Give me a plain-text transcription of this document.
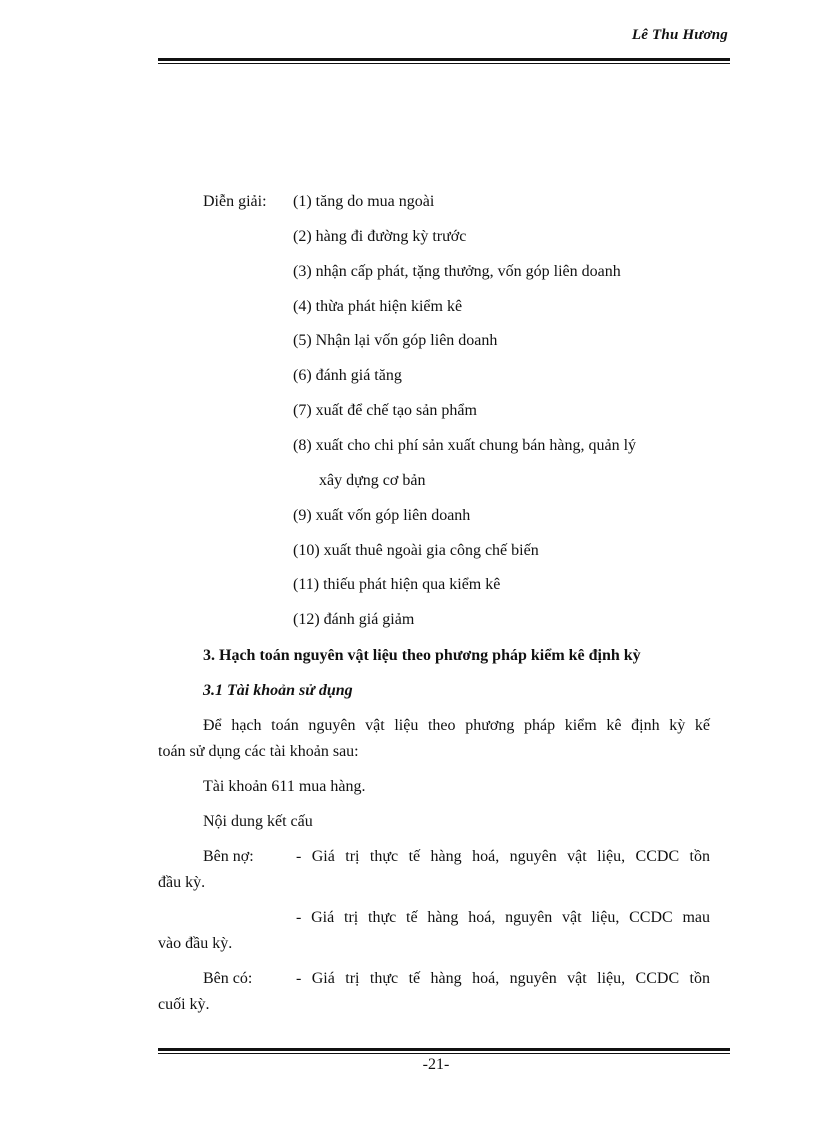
Lê Thu Hương
Diễn giải: (1) tăng do mua ngoài
(2) hàng đi đường kỳ trước
(3) nhận cấp phát, tặng thưởng, vốn góp liên doanh
(4) thừa phát hiện kiểm kê
(5) Nhận lại vốn góp liên doanh
(6) đánh giá tăng
(7) xuất để chế tạo sản phẩm
(8) xuất cho chi phí sản xuất chung bán hàng, quản lý
xây dựng cơ bản
(9) xuất vốn góp liên doanh
(10) xuất thuê ngoài gia công chế biến
(11) thiếu phát hiện qua kiểm kê
(12) đánh giá giảm
3. Hạch toán nguyên vật liệu theo phương pháp kiểm kê định kỳ
3.1 Tài khoản sử dụng
Để hạch toán nguyên vật liệu theo phương pháp kiểm kê định kỳ kế
toán sử dụng các tài khoản sau:
Tài khoản 611 mua hàng.
Nội dung kết cấu
Bên nợ:	- Giá trị thực tế hàng hoá, nguyên vật liệu, CCDC tồn
đầu kỳ.
- Giá trị thực tế hàng hoá, nguyên vật liệu, CCDC mau
vào đầu kỳ.
Bên có:	- Giá trị thực tế hàng hoá, nguyên vật liệu, CCDC tồn
cuối kỳ.
-21-
